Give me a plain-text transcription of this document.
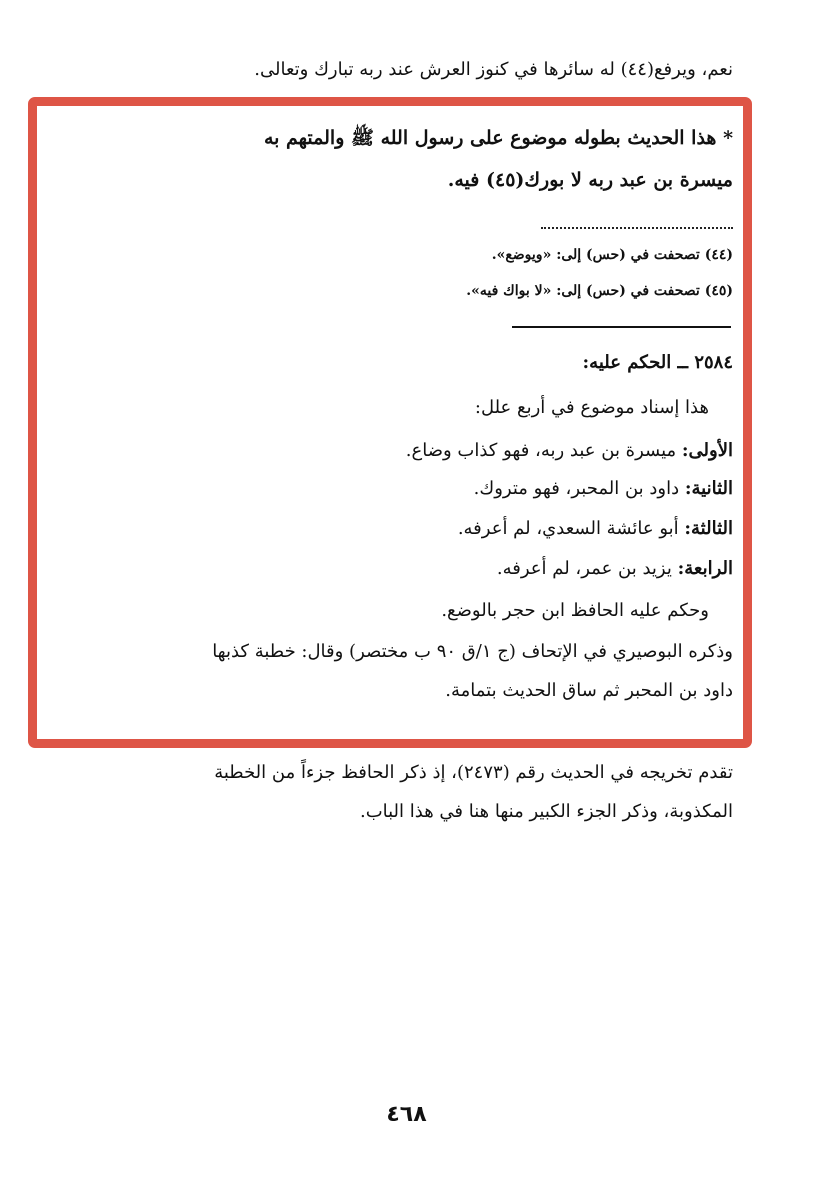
نعم، ويرفع(٤٤) له سائرها في كنوز العرش عند ربه تبارك وتعالى.

* هذا الحديث بطوله موضوع على رسول الله ﷺ والمتهم به

ميسرة بن عبد ربه لا بورك(٤٥) فيه.

(٤٤) تصحفت في (حس) إلى: «ويوضع».

(٤٥) تصحفت في (حس) إلى: «لا بواك فيه».

٢٥٨٤ ــ الحكم عليه:

هذا إسناد موضوع في أربع علل:

الأولى: ميسرة بن عبد ربه، فهو كذاب وضاع.

الثانية: داود بن المحبر، فهو متروك.

الثالثة: أبو عائشة السعدي، لم أعرفه.

الرابعة: يزيد بن عمر، لم أعرفه.

وحكم عليه الحافظ ابن حجر بالوضع.

وذكره البوصيري في الإتحاف (ج ١/ق ٩٠ ب مختصر) وقال: خطبة كذبها

داود بن المحبر ثم ساق الحديث بتمامة.

تقدم تخريجه في الحديث رقم (٢٤٧٣)، إذ ذكر الحافظ جزءاً من الخطبة

المكذوبة، وذكر الجزء الكبير منها هنا في هذا الباب.

٤٦٨
